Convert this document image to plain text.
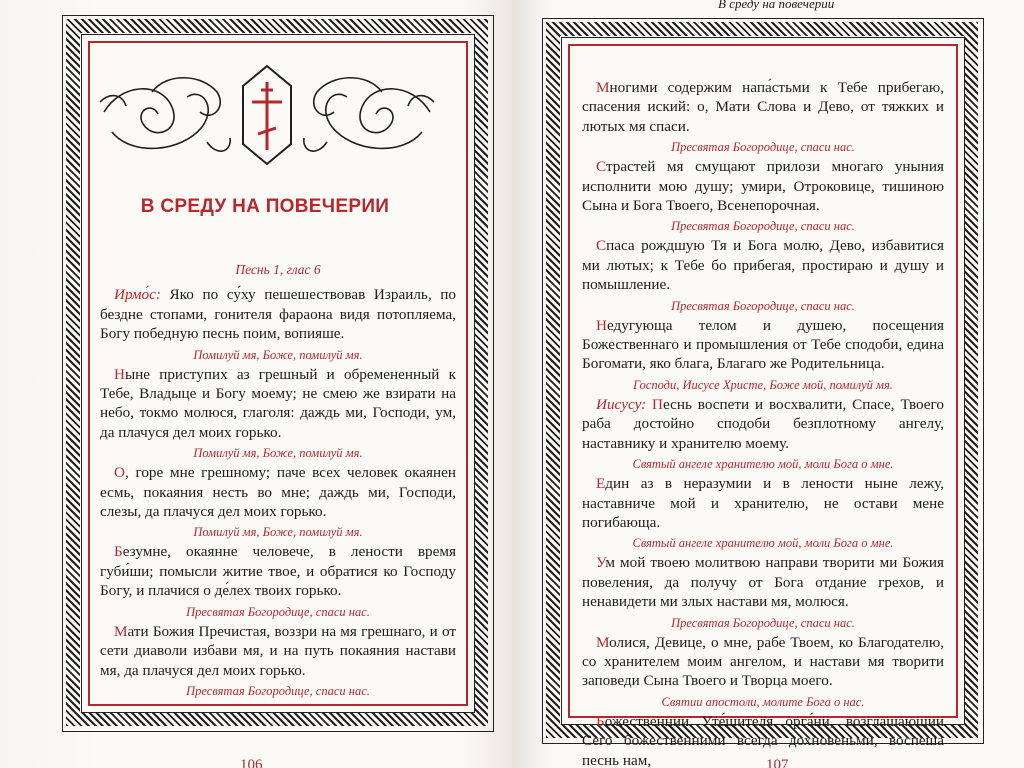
В СРЕДУ НА ПОВЕЧЕРИИ

Песнь 1, глас 6

Ирмо́с: Яко по су́ху пешешествовав Израиль, по бездне стопами, гонителя фараона видя потопляема, Богу победную песнь поим, вопияше.

Помилуй мя, Боже, помилуй мя.

Ныне приступих аз грешный и обремененный к Тебе, Владыце и Богу моему; не смею же взирати на небо, токмо молюся, глаголя: даждь ми, Господи, ум, да плачуся дел моих горько.

Помилуй мя, Боже, помилуй мя.

О, горе мне грешному; паче всех человек окаянен есмь, покаяния несть во мне; даждь ми, Господи, слезы, да плачуся дел моих горько.

Помилуй мя, Боже, помилуй мя.

Безумне, окаянне человече, в лености время губи́ши; помысли житие твое, и обратися ко Господу Богу, и плачися о де́лех твоих горько.

Пресвятая Богородице, спаси нас.

Мати Божия Пречистая, воззри на мя грешнаго, и от сети диаволи избави мя, и на путь покаяния настави мя, да плачуся дел моих горько.

Пресвятая Богородице, спаси нас.

106
В среду на повечерии

Многими содержим напа́стьми к Тебе прибегаю, спасения иский: о, Мати Слова и Дево, от тяжких и лютых мя спаси.

Пресвятая Богородице, спаси нас.

Страстей мя смущают прилози многаго уныния исполнити мою душу; умири, Отроковице, тишиною Сына и Бога Твоего, Всенепорочная.

Пресвятая Богородице, спаси нас.

Спаса рождшую Тя и Бога молю, Дево, избавитися ми лютых; к Тебе бо прибегая, простираю и душу и помышление.

Пресвятая Богородице, спаси нас.

Недугующа телом и душею, посещения Божественнаго и промышления от Тебе сподоби, едина Богомати, яко блага, Благаго же Родительница.

Господи, Иисусе Христе, Боже мой, помилуй мя.

Иисусу: Песнь воспети и восхвалити, Спасе, Твоего раба достойно сподоби безплотному ангелу, наставнику и хранителю моему.

Святый ангеле хранителю мой, моли Бога о мне.

Един аз в неразумии и в лености ныне лежу, наставниче мой и хранителю, не остави мене погибающа.

Святый ангеле хранителю мой, моли Бога о мне.

Ум мой твоею молитвою направи творити ми Божия повеления, да получу от Бога отдание грехов, и ненавидети ми злых настави мя, молюся.

Пресвятая Богородице, спаси нас.

Молися, Девице, о мне, рабе Твоем, ко Благодателю, со хранителем моим ангелом, и настави мя творити заповеди Сына Твоего и Творца моего.

Святии апостоли, молите Бога о нас.

Божественнии Уте́шителя орга́ни, возглашающии Сего божественними всегда дохновеньми, воспеша песнь нам,	107
